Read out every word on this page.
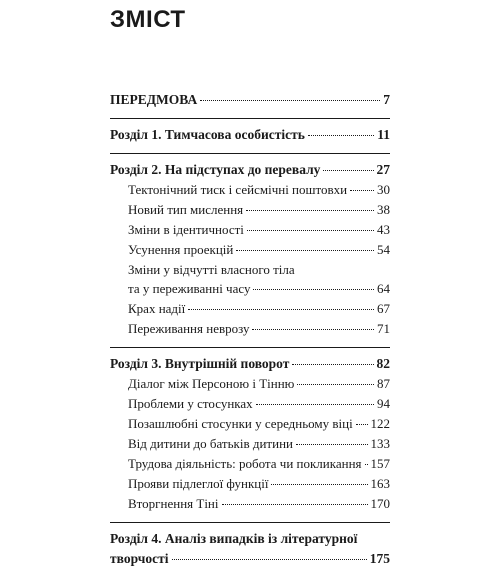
ЗМІСТ
ПЕРЕДМОВА	7
Розділ 1. Тимчасова особистість	11
Розділ 2. На підступах до перевалу	27
Тектонічний тиск і сейсмічні поштовхи 30
Новий тип мислення	38
Зміни в ідентичності	43
Усунення проекцій	54
Зміни у відчутті власного тіла
та у переживанні часу	64
Крах надії	67
Переживання неврозу	71
Розділ 3. Внутрішній поворот	82
Діалог між Персоною і Тінню	87
Проблеми у стосунках	94
Позашлюбні стосунки у середньому віці 122
Від дитини до батьків дитини	133
Трудова діяльність: робота чи покликання 157
Прояви підлеглої функції	163
Вторгнення Тіні	170
Розділ 4. Аналіз випадків із літературної
творчості	175
